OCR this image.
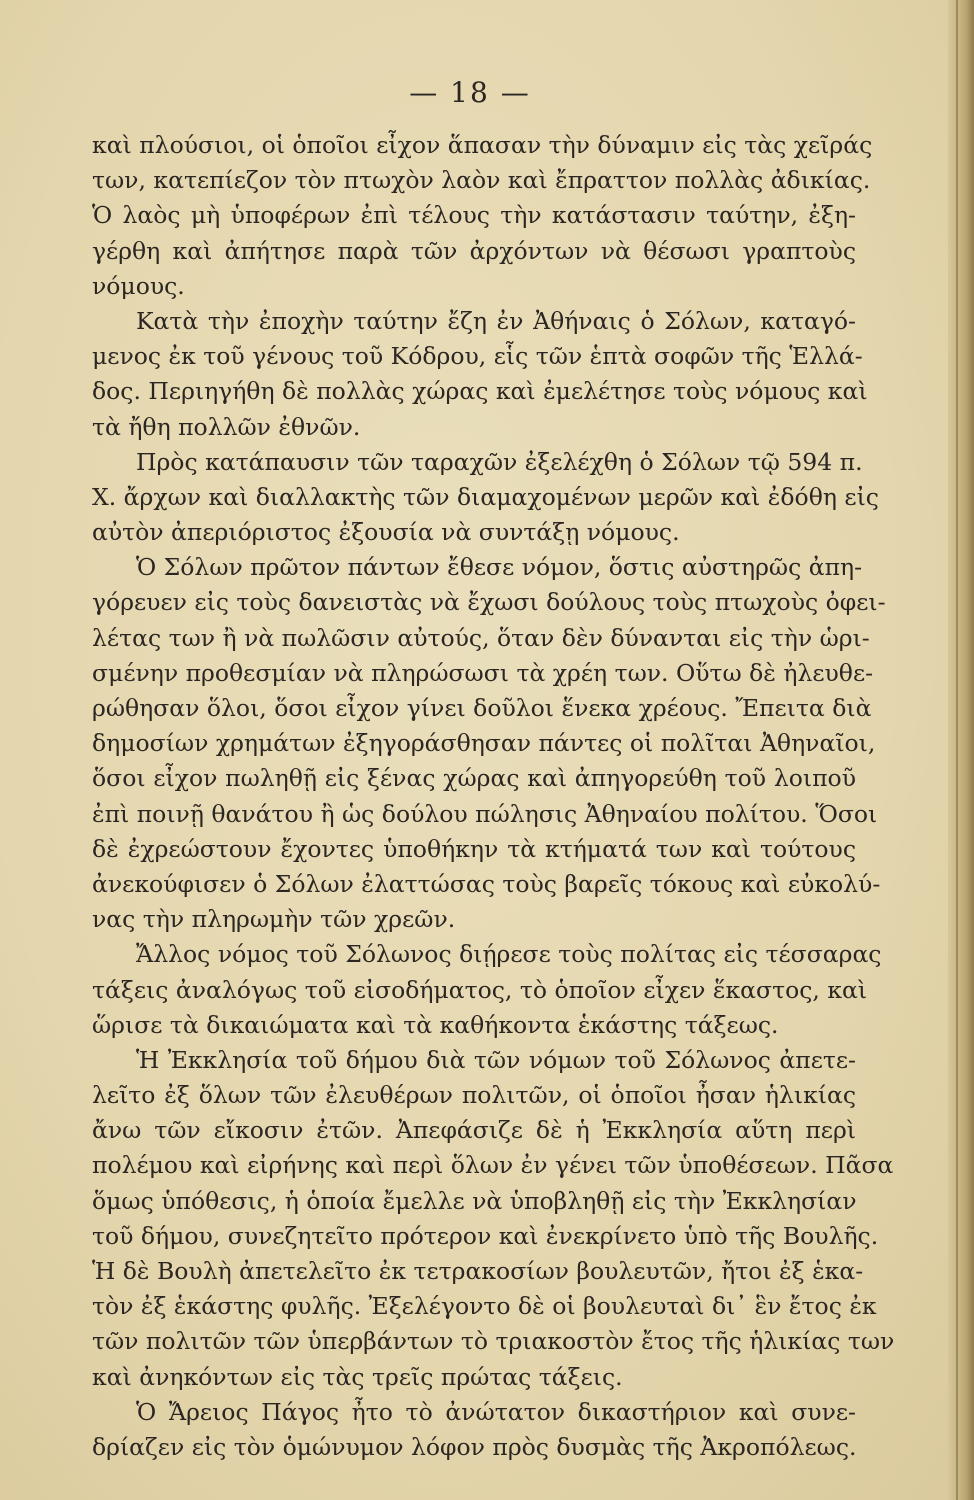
— 18 —
καὶ πλούσιοι, οἱ ὁποῖοι εἶχον ἅπασαν τὴν δύναμιν εἰς τὰς χεῖράς
των, κατεπίεζον τὸν πτωχὸν λαὸν καὶ ἔπραττον πολλὰς ἀδικίας.
Ὁ λαὸς μὴ ὑποφέρων ἐπὶ τέλους τὴν κατάστασιν ταύτην, ἐξη-
γέρθη καὶ ἀπήτησε παρὰ τῶν ἀρχόντων νὰ θέσωσι γραπτοὺς
νόμους.
Κατὰ τὴν ἐποχὴν ταύτην ἔζη ἐν Ἀθήναις ὁ Σόλων, καταγό-
μενος ἐκ τοῦ γένους τοῦ Κόδρου, εἷς τῶν ἑπτὰ σοφῶν τῆς Ἑλλά-
δος. Περιηγήθη δὲ πολλὰς χώρας καὶ ἐμελέτησε τοὺς νόμους καὶ
τὰ ἤθη πολλῶν ἐθνῶν.
Πρὸς κατάπαυσιν τῶν ταραχῶν ἐξελέχθη ὁ Σόλων τῷ 594 π.
Χ. ἄρχων καὶ διαλλακτὴς τῶν διαμαχομένων μερῶν καὶ ἐδόθη εἰς
αὐτὸν ἀπεριόριστος ἐξουσία νὰ συντάξῃ νόμους.
Ὁ Σόλων πρῶτον πάντων ἔθεσε νόμον, ὅστις αὐστηρῶς ἀπη-
γόρευεν εἰς τοὺς δανειστὰς νὰ ἔχωσι δούλους τοὺς πτωχοὺς ὀφει-
λέτας των ἢ νὰ πωλῶσιν αὐτούς, ὅταν δὲν δύνανται εἰς τὴν ὡρι-
σμένην προθεσμίαν νὰ πληρώσωσι τὰ χρέη των. Οὕτω δὲ ἠλευθε-
ρώθησαν ὅλοι, ὅσοι εἶχον γίνει δοῦλοι ἕνεκα χρέους. Ἔπειτα διὰ
δημοσίων χρημάτων ἐξηγοράσθησαν πάντες οἱ πολῖται Ἀθηναῖοι,
ὅσοι εἶχον πωληθῇ εἰς ξένας χώρας καὶ ἀπηγορεύθη τοῦ λοιποῦ
ἐπὶ ποινῇ θανάτου ἢ ὡς δούλου πώλησις Ἀθηναίου πολίτου. Ὅσοι
δὲ ἐχρεώστουν ἔχοντες ὑποθήκην τὰ κτήματά των καὶ τούτους
ἀνεκούφισεν ὁ Σόλων ἐλαττώσας τοὺς βαρεῖς τόκους καὶ εὐκολύ-
νας τὴν πληρωμὴν τῶν χρεῶν.
Ἄλλος νόμος τοῦ Σόλωνος διῄρεσε τοὺς πολίτας εἰς τέσσαρας
τάξεις ἀναλόγως τοῦ εἰσοδήματος, τὸ ὁποῖον εἶχεν ἕκαστος, καὶ
ὥρισε τὰ δικαιώματα καὶ τὰ καθήκοντα ἑκάστης τάξεως.
Ἡ Ἐκκλησία τοῦ δήμου διὰ τῶν νόμων τοῦ Σόλωνος ἀπετε-
λεῖτο ἐξ ὅλων τῶν ἐλευθέρων πολιτῶν, οἱ ὁποῖοι ἦσαν ἡλικίας
ἄνω τῶν εἴκοσιν ἐτῶν. Ἀπεφάσιζε δὲ ἡ Ἐκκλησία αὕτη περὶ
πολέμου καὶ εἰρήνης καὶ περὶ ὅλων ἐν γένει τῶν ὑποθέσεων. Πᾶσα
ὅμως ὑπόθεσις, ἡ ὁποία ἔμελλε νὰ ὑποβληθῇ εἰς τὴν Ἐκκλησίαν
τοῦ δήμου, συνεζητεῖτο πρότερον καὶ ἐνεκρίνετο ὑπὸ τῆς Βουλῆς.
Ἡ δὲ Βουλὴ ἀπετελεῖτο ἐκ τετρακοσίων βουλευτῶν, ἤτοι ἐξ ἑκα-
τὸν ἐξ ἑκάστης φυλῆς. Ἐξελέγοντο δὲ οἱ βουλευταὶ δι᾿ ἓν ἔτος ἐκ
τῶν πολιτῶν τῶν ὑπερβάντων τὸ τριακοστὸν ἔτος τῆς ἡλικίας των
καὶ ἀνηκόντων εἰς τὰς τρεῖς πρώτας τάξεις.
Ὁ Ἄρειος Πάγος ἦτο τὸ ἀνώτατον δικαστήριον καὶ συνε-
δρίαζεν εἰς τὸν ὁμώνυμον λόφον πρὸς δυσμὰς τῆς Ἀκροπόλεως.
